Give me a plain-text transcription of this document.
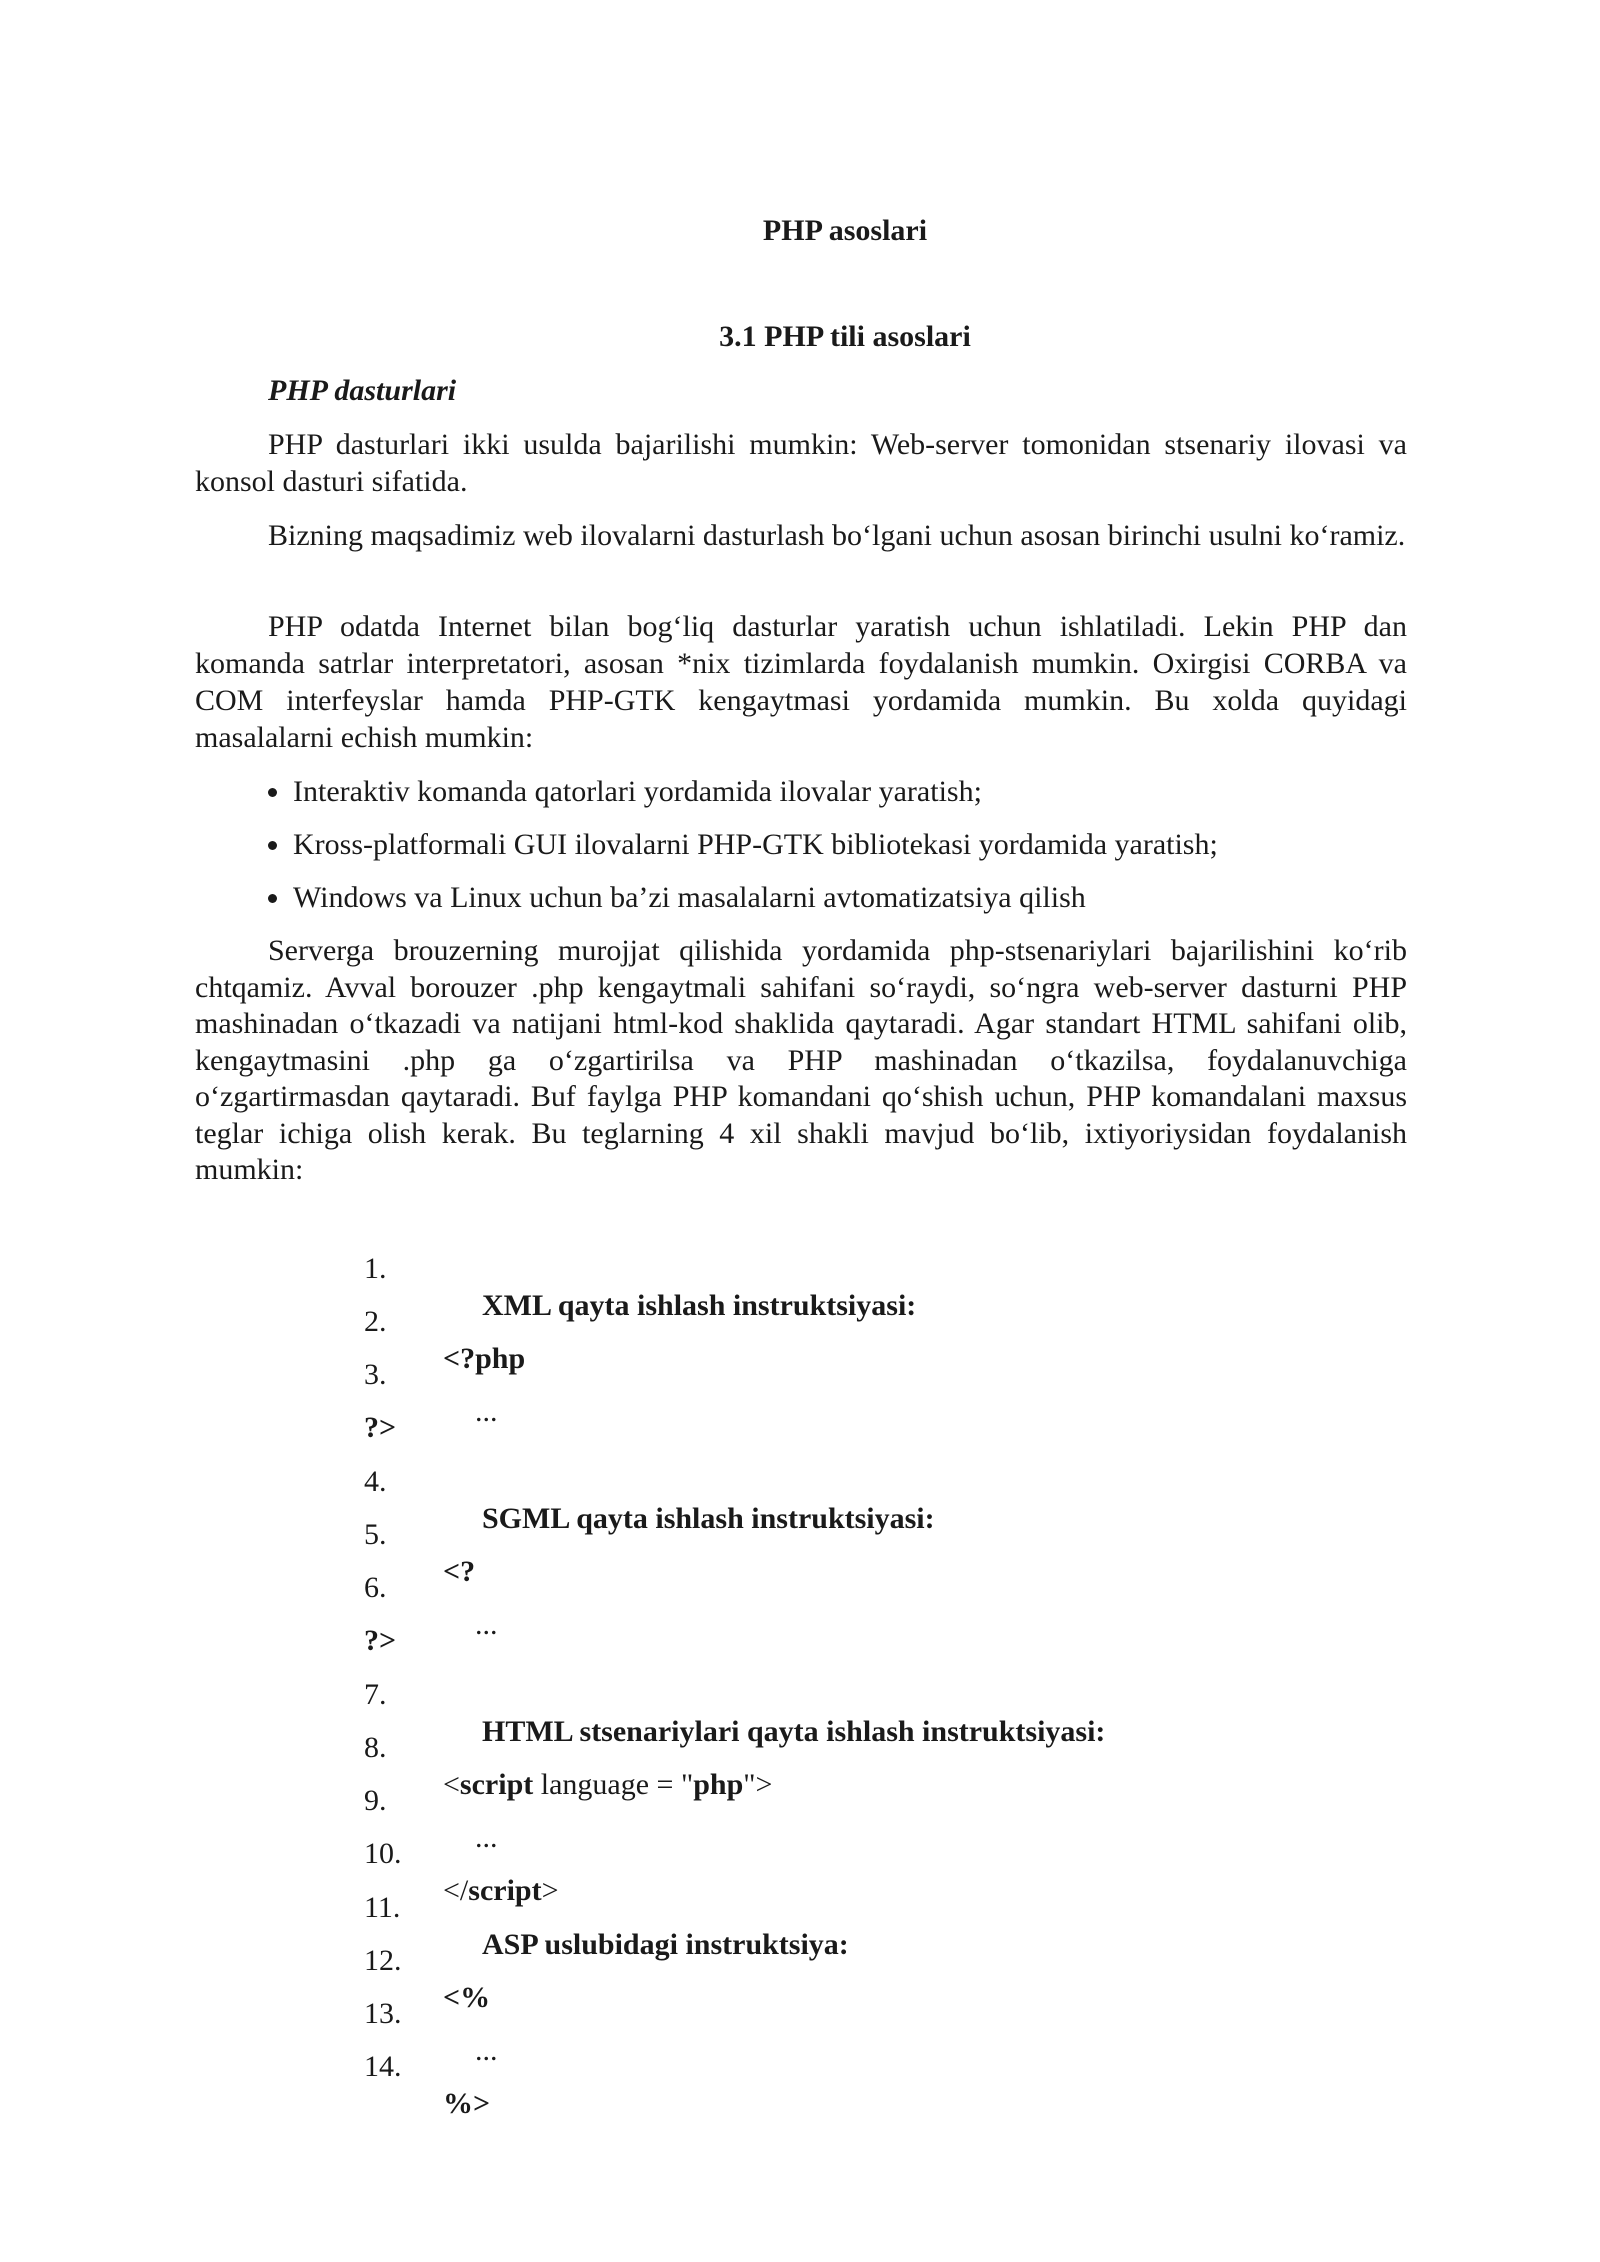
PHP asoslari

3.1 PHP tili asoslari

PHP dasturlari

PHP dasturlari ikki usulda bajarilishi mumkin: Web-server tomonidan stsenariy ilovasi va konsol dasturi sifatida.

Bizning maqsadimiz web ilovalarni dasturlash bo‘lgani uchun asosan birinchi usulni ko‘ramiz.

PHP odatda Internet bilan bog‘liq dasturlar yaratish uchun ishlatiladi. Lekin PHP dan komanda satrlar interpretatori, asosan *nix tizimlarda foydalanish mumkin. Oxirgisi CORBA va COM interfeyslar hamda PHP-GTK kengaytmasi yordamida mumkin. Bu xolda quyidagi masalalarni echish mumkin:

Interaktiv komanda qatorlari yordamida ilovalar yaratish;
Kross-platformali GUI ilovalarni PHP-GTK bibliotekasi yordamida yaratish;
Windows va Linux uchun ba’zi masalalarni avtomatizatsiya qilish

Serverga brouzerning murojjat qilishida yordamida php-stsenariylari bajarilishini ko‘rib chtqamiz. Avval borouzer .php kengaytmali sahifani so‘raydi, so‘ngra web-server dasturni PHP mashinadan o‘tkazadi va natijani html-kod shaklida qaytaradi. Agar standart HTML sahifani olib, kengaytmasini .php ga o‘zgartirilsa va PHP mashinadan o‘tkazilsa, foydalanuvchiga o‘zgartirmasdan qaytaradi. Buf faylga PHP komandani qo‘shish uchun, PHP komandalani maxsus teglar ichiga olish kerak. Bu teglarning 4 xil shakli mavjud bo‘lib, ixtiyoriysidan foydalanish mumkin:

1.

XML qayta ishlash instruktsiyasi:

2.

<?php

3.

...

?>

4.

SGML qayta ishlash instruktsiyasi:

5.

<?

6.

...

?>

7.

HTML stsenariylari qayta ishlash instruktsiyasi:

8.

<script language = "php">

9.

...

10.

</script>

11.

ASP uslubidagi instruktsiya:

12.

<%

13.

...

14.

%>
